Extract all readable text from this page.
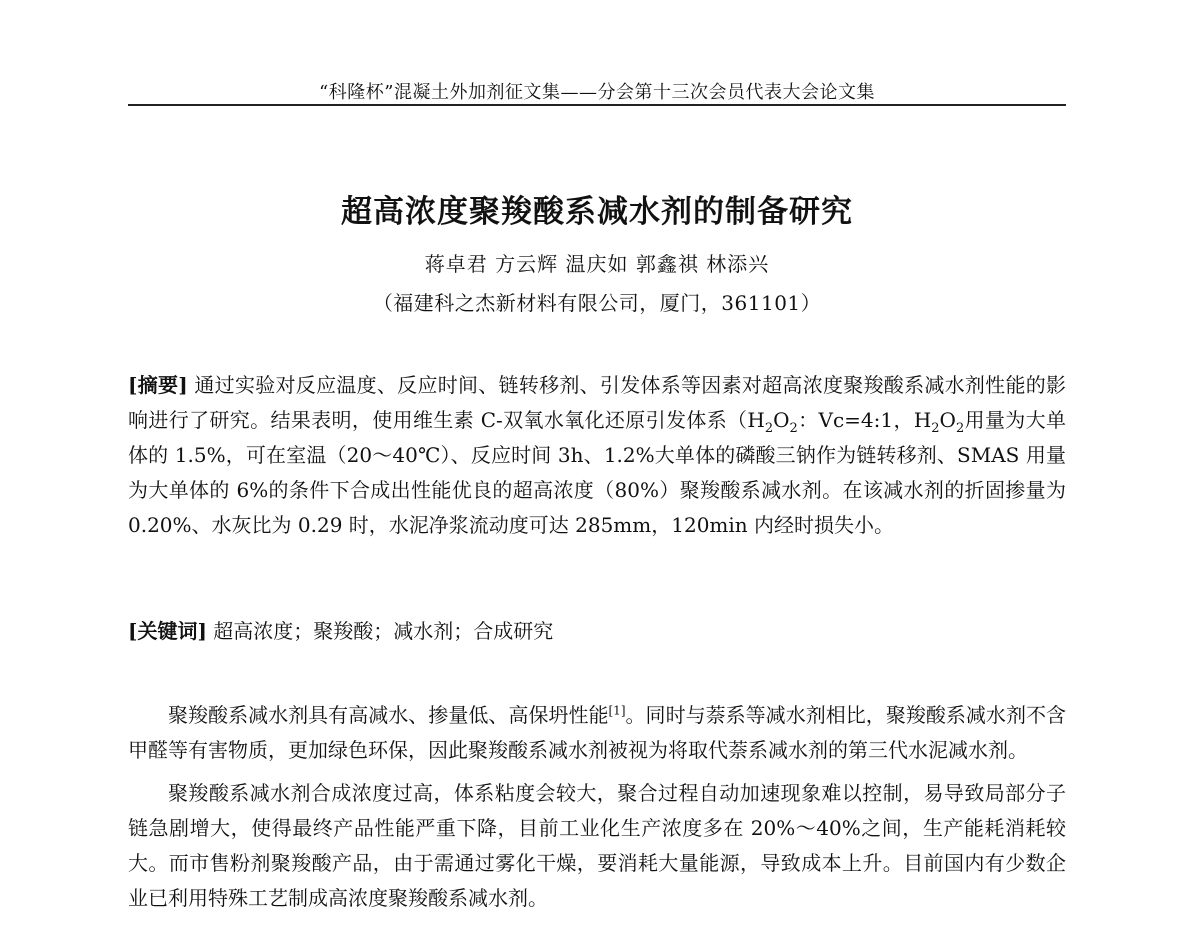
“科隆杯”混凝土外加剂征文集——分会第十三次会员代表大会论文集
超高浓度聚羧酸系减水剂的制备研究
蒋卓君 方云辉 温庆如 郭鑫祺 林添兴
（福建科之杰新材料有限公司，厦门，361101）
[摘要] 通过实验对反应温度、反应时间、链转移剂、引发体系等因素对超高浓度聚羧酸系减水剂性能的影响进行了研究。结果表明，使用维生素 C-双氧水氧化还原引发体系（$H_2O_2$：Vc=4:1，$H_2O_2$用量为大单体的 1.5%，可在室温（20～40℃）、反应时间 3h、1.2%大单体的磷酸三钠作为链转移剂、SMAS 用量为大单体的 6%的条件下合成出性能优良的超高浓度（80%）聚羧酸系减水剂。在该减水剂的折固掺量为 0.20%、水灰比为 0.29 时，水泥净浆流动度可达 285mm，120min 内经时损失小。
[关键词] 超高浓度；聚羧酸；减水剂；合成研究

聚羧酸系减水剂具有高减水、掺量低、高保坍性能[1]。同时与萘系等减水剂相比，聚羧酸系减水剂不含甲醛等有害物质，更加绿色环保，因此聚羧酸系减水剂被视为将取代萘系减水剂的第三代水泥减水剂。

聚羧酸系减水剂合成浓度过高，体系粘度会较大，聚合过程自动加速现象难以控制，易导致局部分子链急剧增大，使得最终产品性能严重下降，目前工业化生产浓度多在 20%～40%之间，生产能耗消耗较大。而市售粉剂聚羧酸产品，由于需通过雾化干燥，要消耗大量能源，导致成本上升。目前国内有少数企业已利用特殊工艺制成高浓度聚羧酸系减水剂。
